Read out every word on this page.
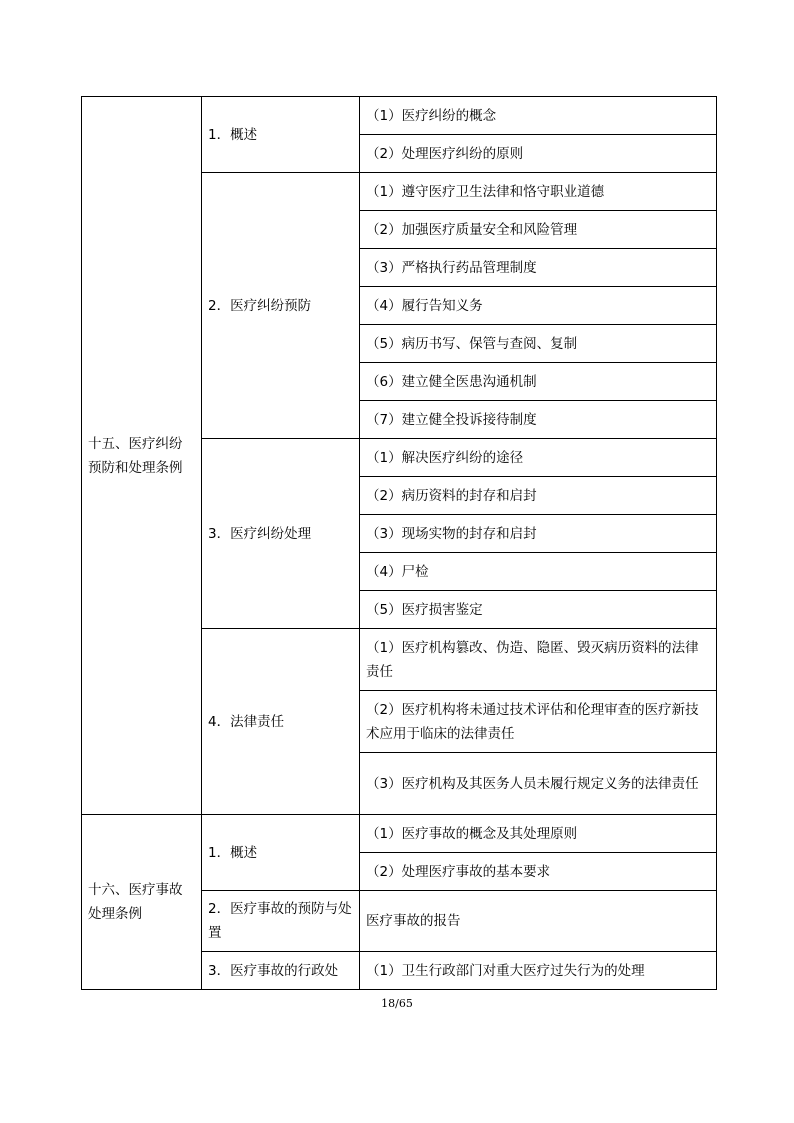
十五、医疗纠纷
预防和处理条例	1．概述	（1）医疗纠纷的概念
		（2）处理医疗纠纷的原则
	2．医疗纠纷预防	（1）遵守医疗卫生法律和恪守职业道德
		（2）加强医疗质量安全和风险管理
		（3）严格执行药品管理制度
		（4）履行告知义务
		（5）病历书写、保管与查阅、复制
		（6）建立健全医患沟通机制
		（7）建立健全投诉接待制度
	3．医疗纠纷处理	（1）解决医疗纠纷的途径
		（2）病历资料的封存和启封
		（3）现场实物的封存和启封
		（4）尸检
		（5）医疗损害鉴定
	4．法律责任	（1）医疗机构篡改、伪造、隐匿、毁灭病历资料的法律责任
		（2）医疗机构将未通过技术评估和伦理审查的医疗新技术应用于临床的法律责任
		（3）医疗机构及其医务人员未履行规定义务的法律责任
十六、医疗事故
处理条例	1．概述	（1）医疗事故的概念及其处理原则
		（2）处理医疗事故的基本要求
	2．医疗事故的预防与处置	医疗事故的报告
	3．医疗事故的行政处	（1）卫生行政部门对重大医疗过失行为的处理
18/65
